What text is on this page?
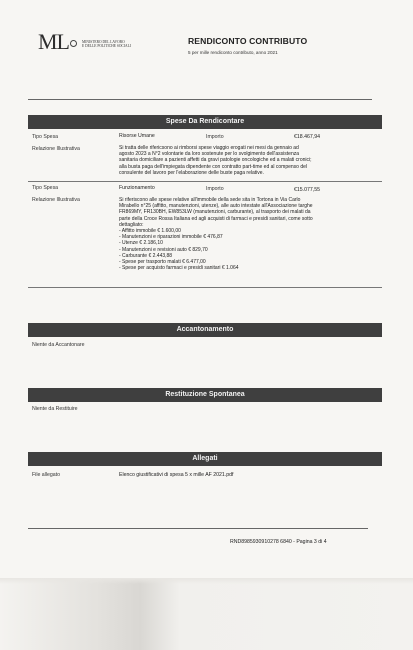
ML	MINISTERO DEL LAVORO
E DELLE POLITICHE SOCIALI
RENDICONTO CONTRIBUTO
5 per mille rendiconto contributo, anno 2021
Spese Da Rendicontare
Tipo Spesa	Risorse Umane	Importo	€18.467,94
Relazione Illustrativa	Si tratta delle rifericsono ai rimborsi spese viaggio erogati nei mesi da gennaio ad
agosto 2023 a N°2 volontarie da loro sostenute per lo svolgimento dell'assistenza
sanitaria domiciliare a pazienti affetti da gravi patologie oncologiche ed a malati cronici;
alla busta paga dell'impiegata dipendente con contratto part-time ed al compenso del
consulente del lavoro per l'elaborazione delle buste paga relative.
Tipo Spesa	Funzionamento	Importo	€15.077,55
Relazione Illustrativa	Si riferiscono alle spese relative all'immobile della sede sita in Tortona in Via Carlo
Mirabello n°25 (affitto, manutenzioni, utenze), alle auto intestate all'Associazione targhe
FR869MY, FR130BH, EW853LW (manutenzioni, carburante), al trasporto dei malati da
parte della Croce Rossa Italiana ed agli acquisti di farmaci e presidi sanitari, come sotto
dettagliato:
- Affitto immobile € 1.600,00
- Manutenzioni e riparazioni immobile € 476,87
- Utenze € 2.186,10
- Manutenzioni e revisioni auto € 829,70
- Carburante € 2.443,88
- Spese per trasporto malati € 6.477,00
- Spese per acquisto farmaci e presidi sanitari € 1.064
Accantonamento
Niente da Accantonare
Restituzione Spontanea
Niente da Restituire
Allegati
File allegato	Elenco giustificativi di spesa 5 x mille AF 2021.pdf
RND8985930910278 6840 - Pagina 3 di 4
